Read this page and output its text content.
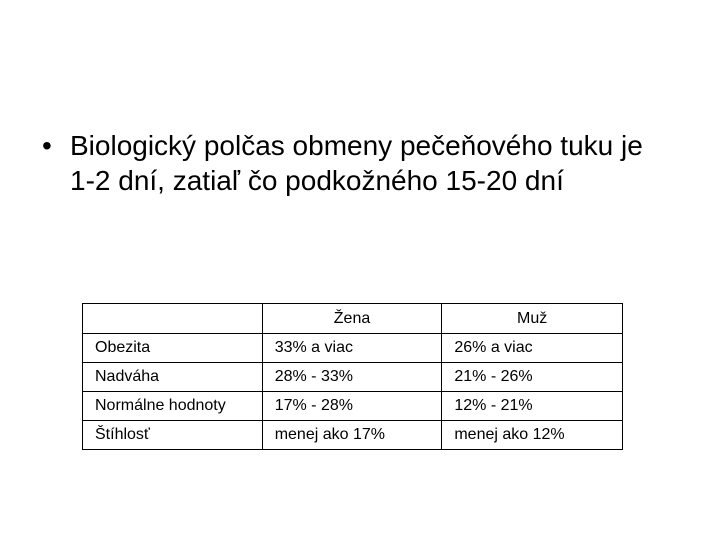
• Biologický polčas obmeny pečeňového tuku je 1-2 dní, zatiaľ čo podkožného 15-20 dní
	Žena	Muž
Obezita	33% a viac	26% a viac
Nadváha	28% - 33%	21% - 26%
Normálne hodnoty	17% - 28%	12% - 21%
Štíhlosť	menej ako 17%	menej ako 12%
